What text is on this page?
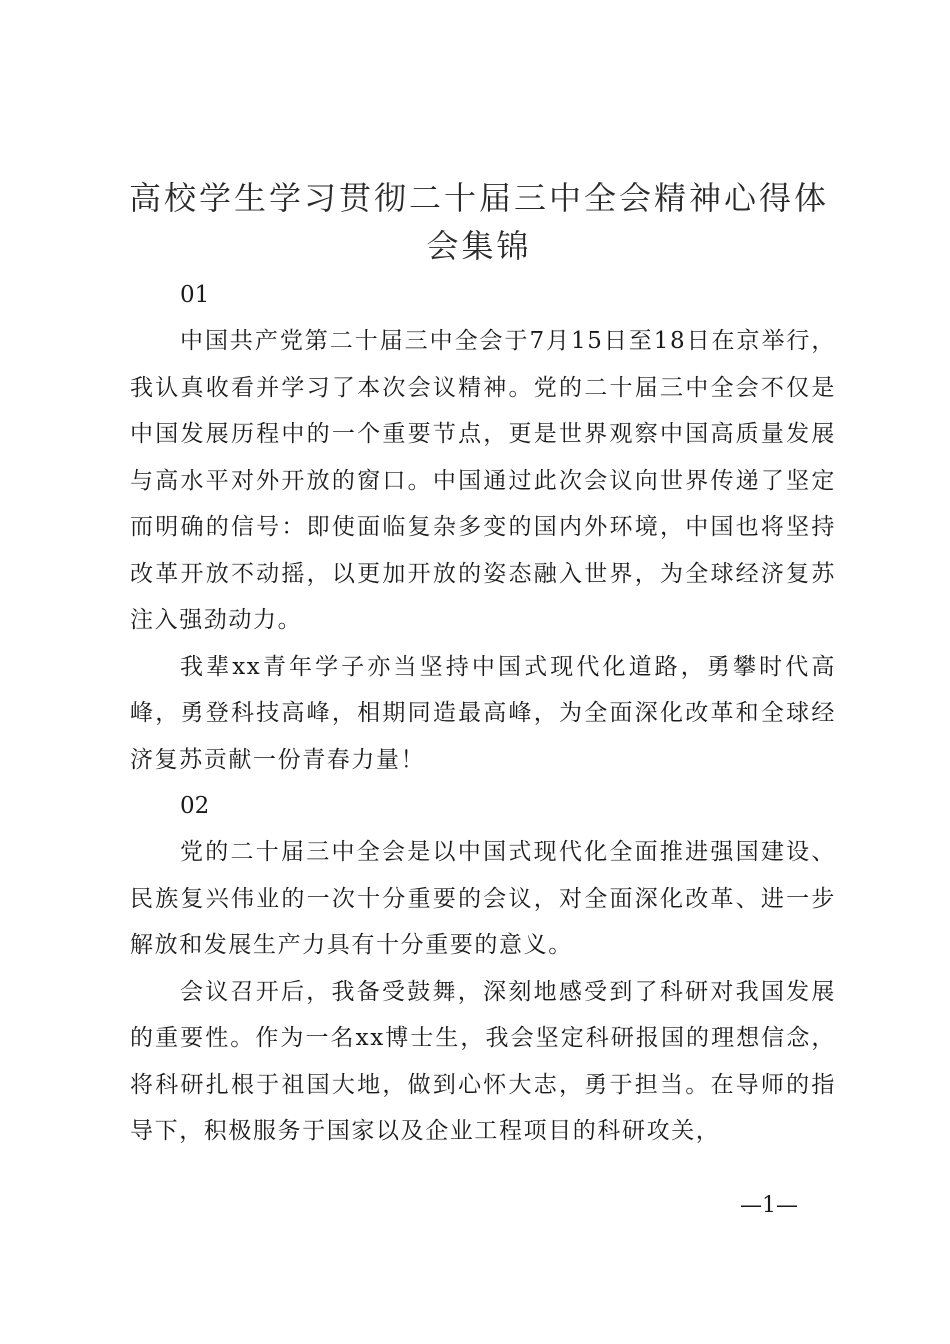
高校学生学习贯彻二十届三中全会精神心得体会集锦

01

中国共产党第二十届三中全会于7月15日至18日在京举行，我认真收看并学习了本次会议精神。党的二十届三中全会不仅是中国发展历程中的一个重要节点，更是世界观察中国高质量发展与高水平对外开放的窗口。中国通过此次会议向世界传递了坚定而明确的信号：即使面临复杂多变的国内外环境，中国也将坚持改革开放不动摇，以更加开放的姿态融入世界，为全球经济复苏注入强劲动力。

我辈xx青年学子亦当坚持中国式现代化道路，勇攀时代高峰，勇登科技高峰，相期同造最高峰，为全面深化改革和全球经济复苏贡献一份青春力量！

02

党的二十届三中全会是以中国式现代化全面推进强国建设、民族复兴伟业的一次十分重要的会议，对全面深化改革、进一步解放和发展生产力具有十分重要的意义。

会议召开后，我备受鼓舞，深刻地感受到了科研对我国发展的重要性。作为一名xx博士生，我会坚定科研报国的理想信念，将科研扎根于祖国大地，做到心怀大志，勇于担当。在导师的指导下，积极服务于国家以及企业工程项目的科研攻关，

—1—
